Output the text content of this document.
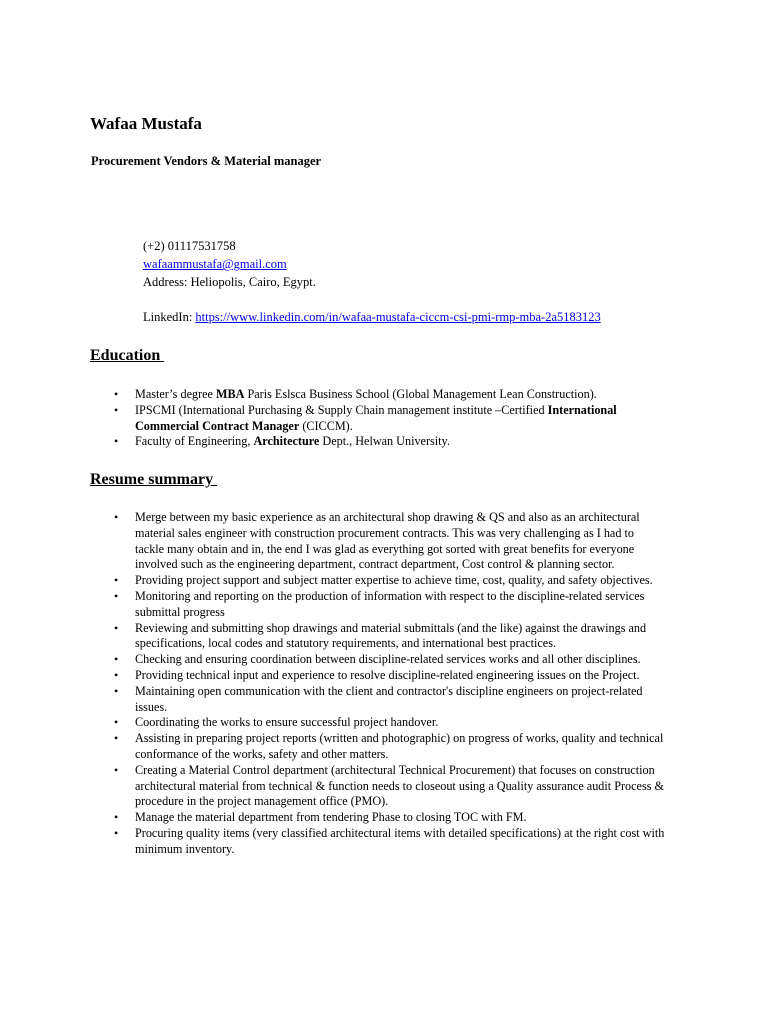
Wafaa Mustafa
Procurement Vendors & Material manager
(+2) 01117531758
wafaammustafa@gmail.com
Address: Heliopolis, Cairo, Egypt.
LinkedIn: https://www.linkedin.com/in/wafaa-mustafa-ciccm-csi-pmi-rmp-mba-2a5183123
Education
• Master’s degree MBA Paris Eslsca Business School (Global Management Lean Construction).
• IPSCMI (International Purchasing & Supply Chain management institute –Certified International Commercial Contract Manager (CICCM).
• Faculty of Engineering, Architecture Dept., Helwan University.
Resume summary
• Merge between my basic experience as an architectural shop drawing & QS and also as an architectural material sales engineer with construction procurement contracts. This was very challenging as I had to tackle many obtain and in, the end I was glad as everything got sorted with great benefits for everyone involved such as the engineering department, contract department, Cost control & planning sector.
• Providing project support and subject matter expertise to achieve time, cost, quality, and safety objectives.
• Monitoring and reporting on the production of information with respect to the discipline-related services submittal progress
• Reviewing and submitting shop drawings and material submittals (and the like) against the drawings and specifications, local codes and statutory requirements, and international best practices.
• Checking and ensuring coordination between discipline-related services works and all other disciplines.
• Providing technical input and experience to resolve discipline-related engineering issues on the Project.
• Maintaining open communication with the client and contractor's discipline engineers on project-related issues.
• Coordinating the works to ensure successful project handover.
• Assisting in preparing project reports (written and photographic) on progress of works, quality and technical conformance of the works, safety and other matters.
• Creating a Material Control department (architectural Technical Procurement) that focuses on construction architectural material from technical & function needs to closeout using a Quality assurance audit Process & procedure in the project management office (PMO).
• Manage the material department from tendering Phase to closing TOC with FM.
• Procuring quality items (very classified architectural items with detailed specifications) at the right cost with minimum inventory.
